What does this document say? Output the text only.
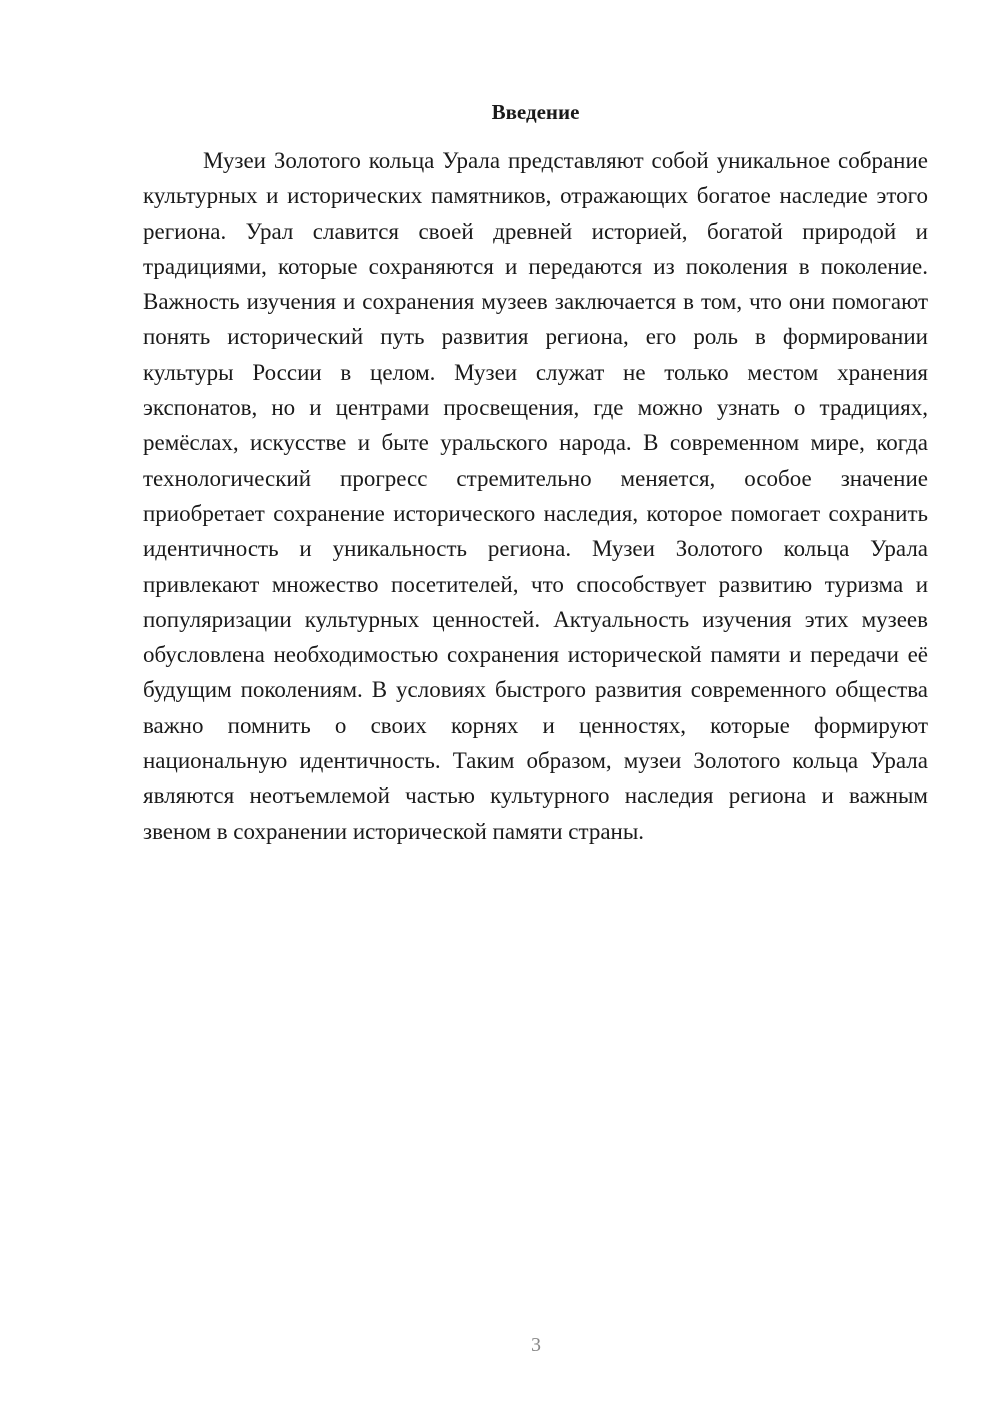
Введение

Музеи Золотого кольца Урала представляют собой уникальное собрание культурных и исторических памятников, отражающих богатое наследие этого региона. Урал славится своей древней историей, богатой природой и традициями, которые сохраняются и передаются из поколения в поколение. Важность изучения и сохранения музеев заключается в том, что они помогают понять исторический путь развития региона, его роль в формировании культуры России в целом. Музеи служат не только местом хранения экспонатов, но и центрами просвещения, где можно узнать о традициях, ремёслах, искусстве и быте уральского народа. В современном мире, когда технологический прогресс стремительно меняется, особое значение приобретает сохранение исторического наследия, которое помогает сохранить идентичность и уникальность региона. Музеи Золотого кольца Урала привлекают множество посетителей, что способствует развитию туризма и популяризации культурных ценностей. Актуальность изучения этих музеев обусловлена необходимостью сохранения исторической памяти и передачи её будущим поколениям. В условиях быстрого развития современного общества важно помнить о своих корнях и ценностях, которые формируют национальную идентичность. Таким образом, музеи Золотого кольца Урала являются неотъемлемой частью культурного наследия региона и важным звеном в сохранении исторической памяти страны.

3
